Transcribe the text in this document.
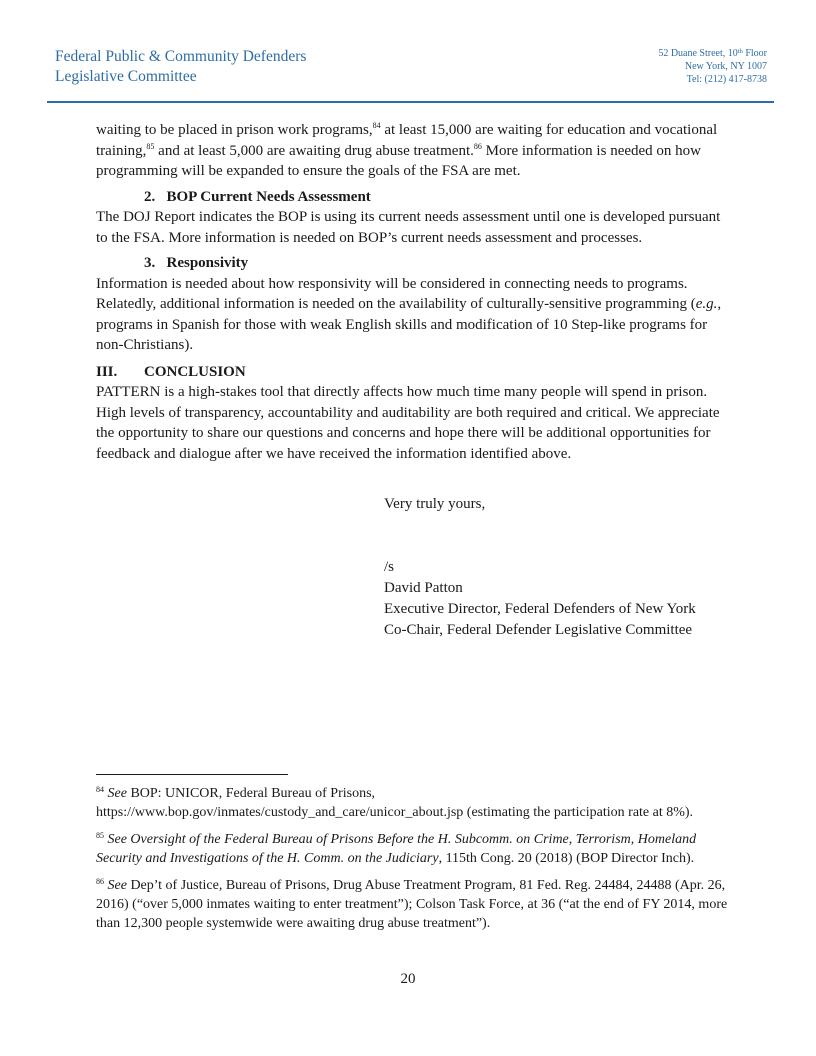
Federal Public & Community Defenders
Legislative Committee
52 Duane Street, 10th Floor
New York, NY 1007
Tel: (212) 417-8738

waiting to be placed in prison work programs,$^{84}$ at least 15,000 are waiting for education and vocational training,$^{85}$ and at least 5,000 are awaiting drug abuse treatment.$^{86}$ More information is needed on how programming will be expanded to ensure the goals of the FSA are met.

2.   BOP Current Needs Assessment

The DOJ Report indicates the BOP is using its current needs assessment until one is developed pursuant to the FSA. More information is needed on BOP’s current needs assessment and processes.

3.   Responsivity

Information is needed about how responsivity will be considered in connecting needs to programs. Relatedly, additional information is needed on the availability of culturally-sensitive programming (e.g., programs in Spanish for those with weak English skills and modification of 10 Step-like programs for non-Christians).

III. CONCLUSION

PATTERN is a high-stakes tool that directly affects how much time many people will spend in prison. High levels of transparency, accountability and auditability are both required and critical. We appreciate the opportunity to share our questions and concerns and hope there will be additional opportunities for feedback and dialogue after we have received the information identified above.

Very truly yours,

/s

David Patton

Executive Director, Federal Defenders of New York

Co-Chair, Federal Defender Legislative Committee

$^{84}$ See BOP: UNICOR, Federal Bureau of Prisons, https://www.bop.gov/inmates/custody_and_care/unicor_about.jsp (estimating the participation rate at 8%).

$^{85}$ See Oversight of the Federal Bureau of Prisons Before the H. Subcomm. on Crime, Terrorism, Homeland Security and Investigations of the H. Comm. on the Judiciary, 115th Cong. 20 (2018) (BOP Director Inch).

$^{86}$ See Dep’t of Justice, Bureau of Prisons, Drug Abuse Treatment Program, 81 Fed. Reg. 24484, 24488 (Apr. 26, 2016) (“over 5,000 inmates waiting to enter treatment”); Colson Task Force, at 36 (“at the end of FY 2014, more than 12,300 people systemwide were awaiting drug abuse treatment”).

20
